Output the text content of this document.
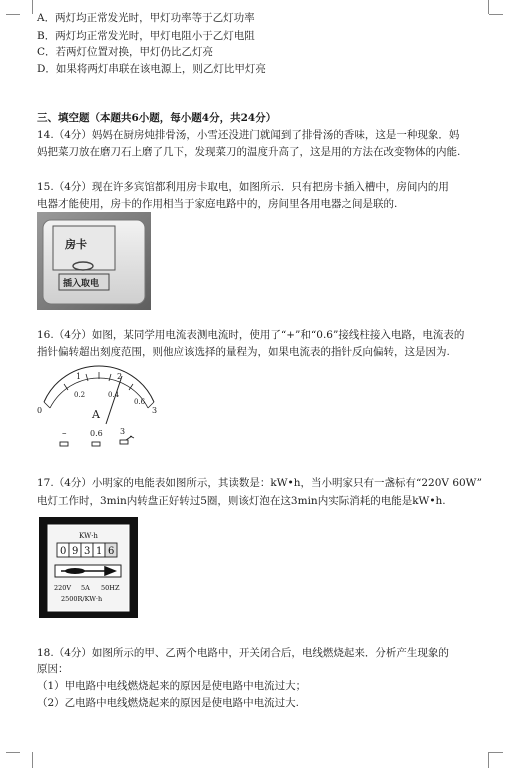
A．两灯均正常发光时，甲灯功率等于乙灯功率
B．两灯均正常发光时，甲灯电阻小于乙灯电阻
C．若两灯位置对换，甲灯仍比乙灯亮
D．如果将两灯串联在该电源上，则乙灯比甲灯亮
三、填空题（本题共6小题，每小题4分，共24分）
14.（4分）妈妈在厨房炖排骨汤，小雪还没进门就闻到了排骨汤的香味，这是一种现象．妈
妈把菜刀放在磨刀石上磨了几下，发现菜刀的温度升高了，这是用的方法在改变物体的内能.
15.（4分）现在许多宾馆都利用房卡取电，如图所示．只有把房卡插入槽中，房间内的用
电器才能使用，房卡的作用相当于家庭电路中的，房间里各用电器之间是联的.
房卡
插入取电
16.（4分）如图，某同学用电流表测电流时，使用了“+”和“0.6”接线柱接入电路，电流表的
指针偏转超出刻度范围，则他应该选择的量程为，如果电流表的指针反向偏转，这是因为.
0
1	2
3
0.2	0.4
0.6
A
–	0.6 3
17.（4分）小明家的电能表如图所示，其读数是：kW•h，当小明家只有一盏标有“220V 60W”
电灯工作时，3min内转盘正好转过5圈，则该灯泡在这3min内实际消耗的电能是kW•h.
KW·h
0 9 3 1 6
220V 5A 50HZ
2500R/KW·h
18.（4分）如图所示的甲、乙两个电路中，开关闭合后，电线燃烧起来．分析产生现象的
原因：
（1）甲电路中电线燃烧起来的原因是使电路中电流过大；
（2）乙电路中电线燃烧起来的原因是使电路中电流过大.
